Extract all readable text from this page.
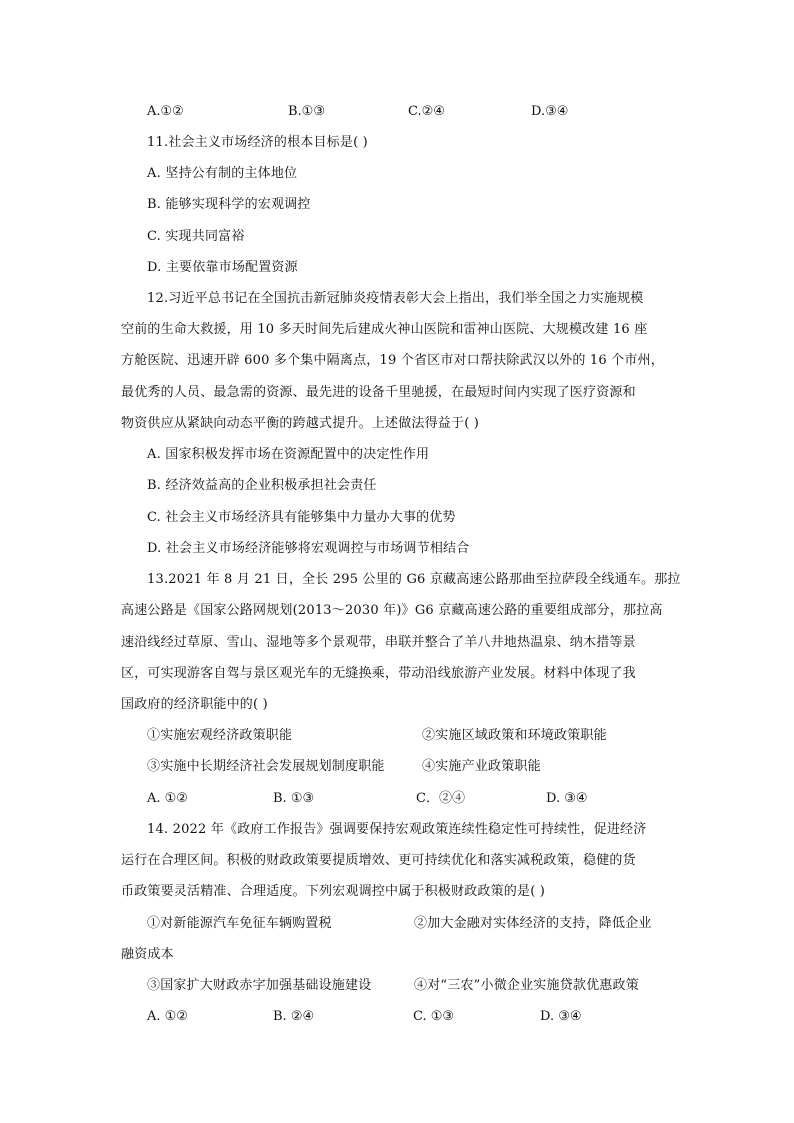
A.①②	B.①③	C.②④	D.③④
11.社会主义市场经济的根本目标是( )
A. 坚持公有制的主体地位
B. 能够实现科学的宏观调控
C. 实现共同富裕
D. 主要依靠市场配置资源
12.习近平总书记在全国抗击新冠肺炎疫情表彰大会上指出，我们举全国之力实施规模
空前的生命大救援，用 10 多天时间先后建成火神山医院和雷神山医院、大规模改建 16 座
方舱医院、迅速开辟 600 多个集中隔离点，19 个省区市对口帮扶除武汉以外的 16 个市州，
最优秀的人员、最急需的资源、最先进的设备千里驰援，在最短时间内实现了医疗资源和
物资供应从紧缺向动态平衡的跨越式提升。上述做法得益于( )
A. 国家积极发挥市场在资源配置中的决定性作用
B. 经济效益高的企业积极承担社会责任
C. 社会主义市场经济具有能够集中力量办大事的优势
D. 社会主义市场经济能够将宏观调控与市场调节相结合
13.2021 年 8 月 21 日，全长 295 公里的 G6 京藏高速公路那曲至拉萨段全线通车。那拉
高速公路是《国家公路网规划(2013～2030 年)》G6 京藏高速公路的重要组成部分，那拉高
速沿线经过草原、雪山、湿地等多个景观带，串联并整合了羊八井地热温泉、纳木措等景
区，可实现游客自驾与景区观光车的无缝换乘，带动沿线旅游产业发展。材料中体现了我
国政府的经济职能中的( )
①实施宏观经济政策职能	②实施区域政策和环境政策职能
③实施中长期经济社会发展规划制度职能	④实施产业政策职能
A. ①②	B. ①③	C．②④	D. ③④
14. 2022 年《政府工作报告》强调要保持宏观政策连续性稳定性可持续性，促进经济
运行在合理区间。积极的财政政策要提质增效、更可持续优化和落实减税政策，稳健的货
币政策要灵活精准、合理适度。下列宏观调控中属于积极财政政策的是( )
①对新能源汽车免征车辆购置税	②加大金融对实体经济的支持，降低企业
融资成本
③国家扩大财政赤字加强基础设施建设	④对“三农”小微企业实施贷款优惠政策
A. ①②	B. ②④	C. ①③	D. ③④
